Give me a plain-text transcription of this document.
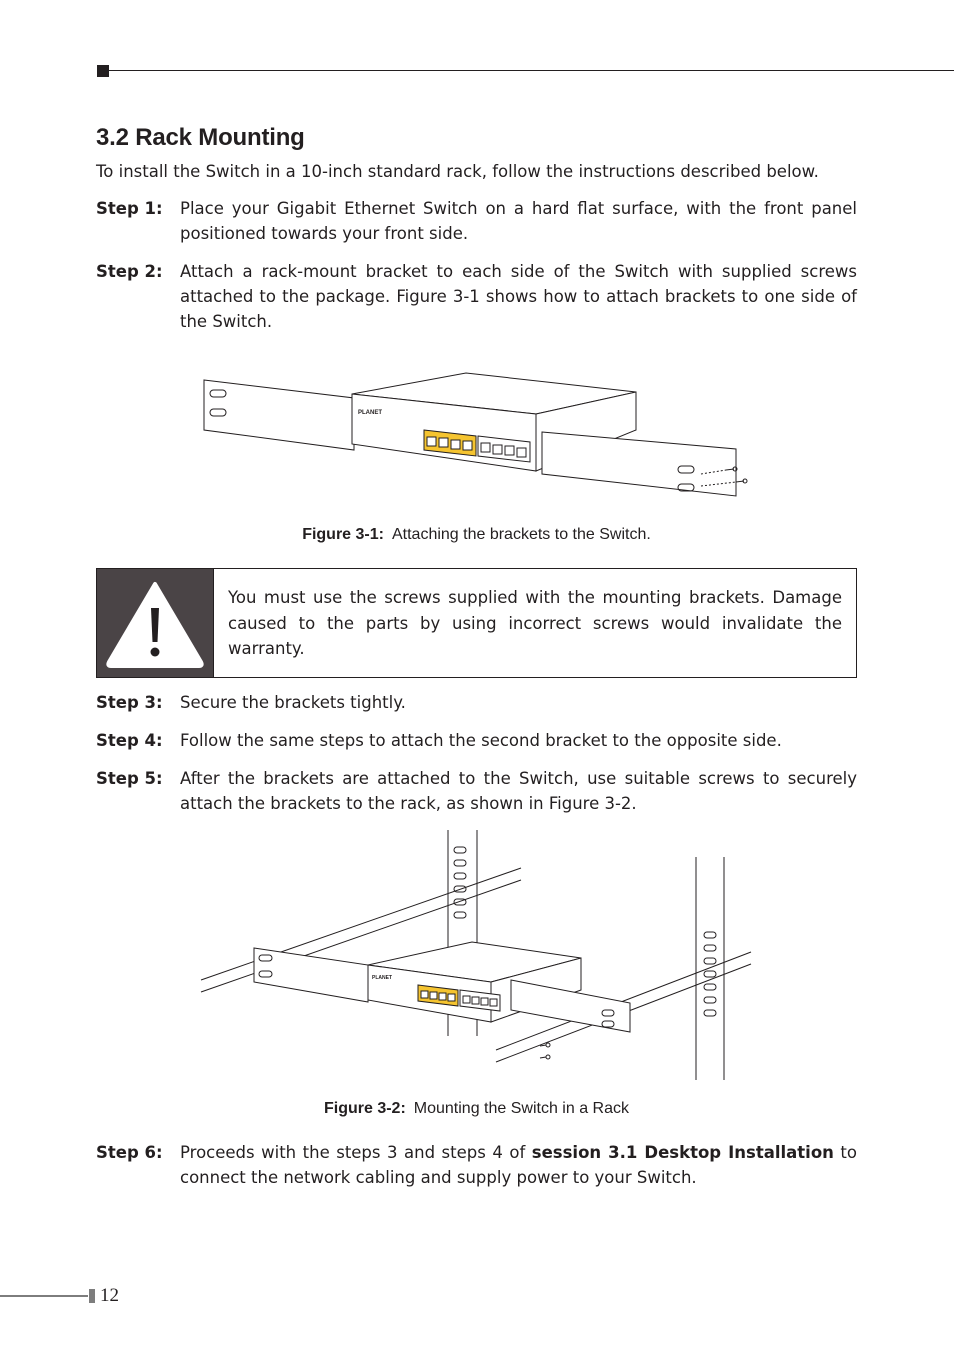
3.2 Rack Mounting

To install the Switch in a 10-inch standard rack, follow the instructions described below.

Step 1:	Place your Gigabit Ethernet Switch on a hard flat surface, with the front panel positioned towards your front side.
Step 2:	Attach a rack-mount bracket to each side of the Switch with supplied screws attached to the package. Figure 3-1 shows how to attach brackets to one side of the Switch.
PLANET

Figure 3-1: Attaching the brackets to the Switch.

You must use the screws supplied with the mounting brackets. Damage caused to the parts by using incorrect screws would invalidate the warranty.
Step 3:	Secure the brackets tightly.
Step 4:	Follow the same steps to attach the second bracket to the opposite side.
Step 5:	After the brackets are attached to the Switch, use suitable screws to securely attach the brackets to the rack, as shown in Figure 3-2.
PLANET

Figure 3-2: Mounting the Switch in a Rack

Step 6:	Proceeds with the steps 3 and steps 4 of session 3.1 Desktop Installation to connect the network cabling and supply power to your Switch.
12
